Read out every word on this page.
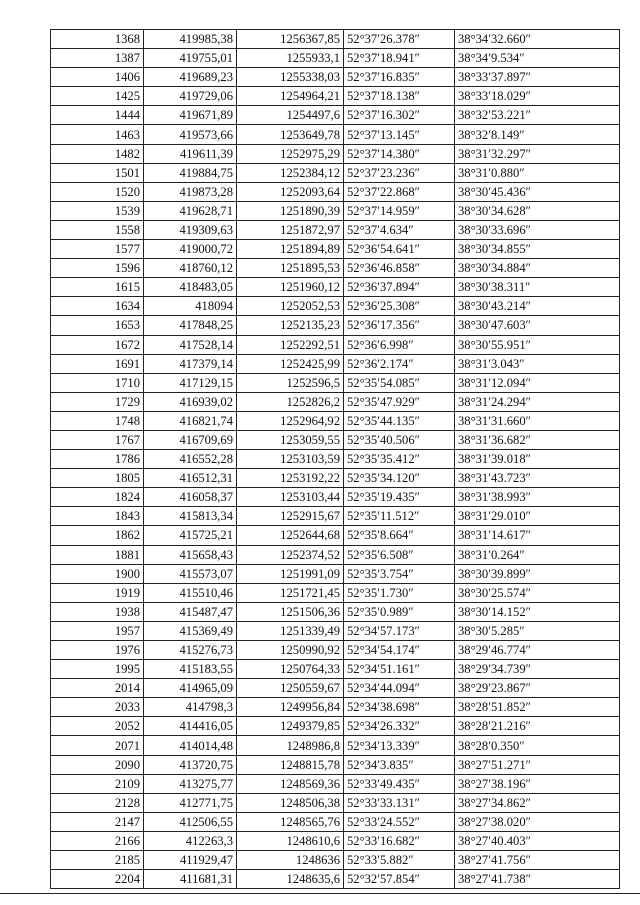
1368	419985,38	1256367,85	52°37′26.378″	38°34′32.660″
1387	419755,01	1255933,1	52°37′18.941″	38°34′9.534″
1406	419689,23	1255338,03	52°37′16.835″	38°33′37.897″
1425	419729,06	1254964,21	52°37′18.138″	38°33′18.029″
1444	419671,89	1254497,6	52°37′16.302″	38°32′53.221″
1463	419573,66	1253649,78	52°37′13.145″	38°32′8.149″
1482	419611,39	1252975,29	52°37′14.380″	38°31′32.297″
1501	419884,75	1252384,12	52°37′23.236″	38°31′0.880″
1520	419873,28	1252093,64	52°37′22.868″	38°30′45.436″
1539	419628,71	1251890,39	52°37′14.959″	38°30′34.628″
1558	419309,63	1251872,97	52°37′4.634″	38°30′33.696″
1577	419000,72	1251894,89	52°36′54.641″	38°30′34.855″
1596	418760,12	1251895,53	52°36′46.858″	38°30′34.884″
1615	418483,05	1251960,12	52°36′37.894″	38°30′38.311″
1634	418094	1252052,53	52°36′25.308″	38°30′43.214″
1653	417848,25	1252135,23	52°36′17.356″	38°30′47.603″
1672	417528,14	1252292,51	52°36′6.998″	38°30′55.951″
1691	417379,14	1252425,99	52°36′2.174″	38°31′3.043″
1710	417129,15	1252596,5	52°35′54.085″	38°31′12.094″
1729	416939,02	1252826,2	52°35′47.929″	38°31′24.294″
1748	416821,74	1252964,92	52°35′44.135″	38°31′31.660″
1767	416709,69	1253059,55	52°35′40.506″	38°31′36.682″
1786	416552,28	1253103,59	52°35′35.412″	38°31′39.018″
1805	416512,31	1253192,22	52°35′34.120″	38°31′43.723″
1824	416058,37	1253103,44	52°35′19.435″	38°31′38.993″
1843	415813,34	1252915,67	52°35′11.512″	38°31′29.010″
1862	415725,21	1252644,68	52°35′8.664″	38°31′14.617″
1881	415658,43	1252374,52	52°35′6.508″	38°31′0.264″
1900	415573,07	1251991,09	52°35′3.754″	38°30′39.899″
1919	415510,46	1251721,45	52°35′1.730″	38°30′25.574″
1938	415487,47	1251506,36	52°35′0.989″	38°30′14.152″
1957	415369,49	1251339,49	52°34′57.173″	38°30′5.285″
1976	415276,73	1250990,92	52°34′54.174″	38°29′46.774″
1995	415183,55	1250764,33	52°34′51.161″	38°29′34.739″
2014	414965,09	1250559,67	52°34′44.094″	38°29′23.867″
2033	414798,3	1249956,84	52°34′38.698″	38°28′51.852″
2052	414416,05	1249379,85	52°34′26.332″	38°28′21.216″
2071	414014,48	1248986,8	52°34′13.339″	38°28′0.350″
2090	413720,75	1248815,78	52°34′3.835″	38°27′51.271″
2109	413275,77	1248569,36	52°33′49.435″	38°27′38.196″
2128	412771,75	1248506,38	52°33′33.131″	38°27′34.862″
2147	412506,55	1248565,76	52°33′24.552″	38°27′38.020″
2166	412263,3	1248610,6	52°33′16.682″	38°27′40.403″
2185	411929,47	1248636	52°33′5.882″	38°27′41.756″
2204	411681,31	1248635,6	52°32′57.854″	38°27′41.738″
